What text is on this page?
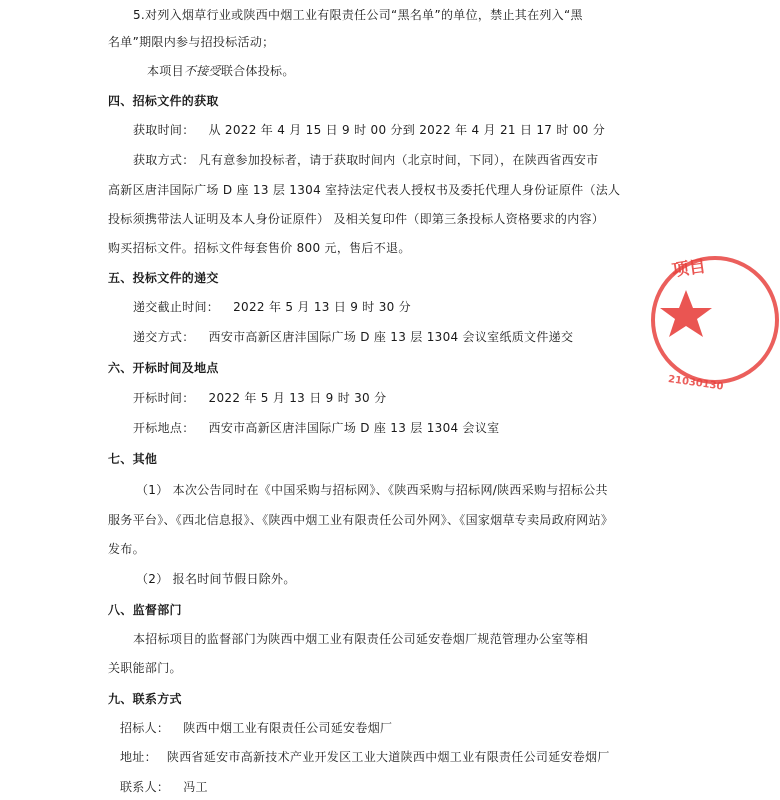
5.对列入烟草行业或陕西中烟工业有限责任公司“黑名单”的单位，禁止其在列入“黑
名单”期限内参与招投标活动；
本项目不接受联合体投标。
四、招标文件的获取
获取时间： 从 2022 年 4 月 15 日 9 时 00 分到 2022 年 4 月 21 日 17 时 00 分
获取方式： 凡有意参加投标者，请于获取时间内（北京时间，下同），在陕西省西安市
高新区唐沣国际广场 D 座 13 层 1304 室持法定代表人授权书及委托代理人身份证原件（法人
投标须携带法人证明及本人身份证原件） 及相关复印件（即第三条投标人资格要求的内容）
购买招标文件。招标文件每套售价 800 元，售后不退。
五、投标文件的递交
递交截止时间： 2022 年 5 月 13 日 9 时 30 分
递交方式： 西安市高新区唐沣国际广场 D 座 13 层 1304 会议室纸质文件递交
六、开标时间及地点
开标时间： 2022 年 5 月 13 日 9 时 30 分
开标地点： 西安市高新区唐沣国际广场 D 座 13 层 1304 会议室
七、其他
（1） 本次公告同时在《中国采购与招标网》、《陕西采购与招标网/陕西采购与招标公共
服务平台》、《西北信息报》、《陕西中烟工业有限责任公司外网》、《国家烟草专卖局政府网站》
发布。
（2） 报名时间节假日除外。
八、监督部门
本招标项目的监督部门为陕西中烟工业有限责任公司延安卷烟厂规范管理办公室等相
关职能部门。
九、联系方式
招标人： 陕西中烟工业有限责任公司延安卷烟厂
地址： 陕西省延安市高新技术产业开发区工业大道陕西中烟工业有限责任公司延安卷烟厂
联系人： 冯工
项目
21030130
